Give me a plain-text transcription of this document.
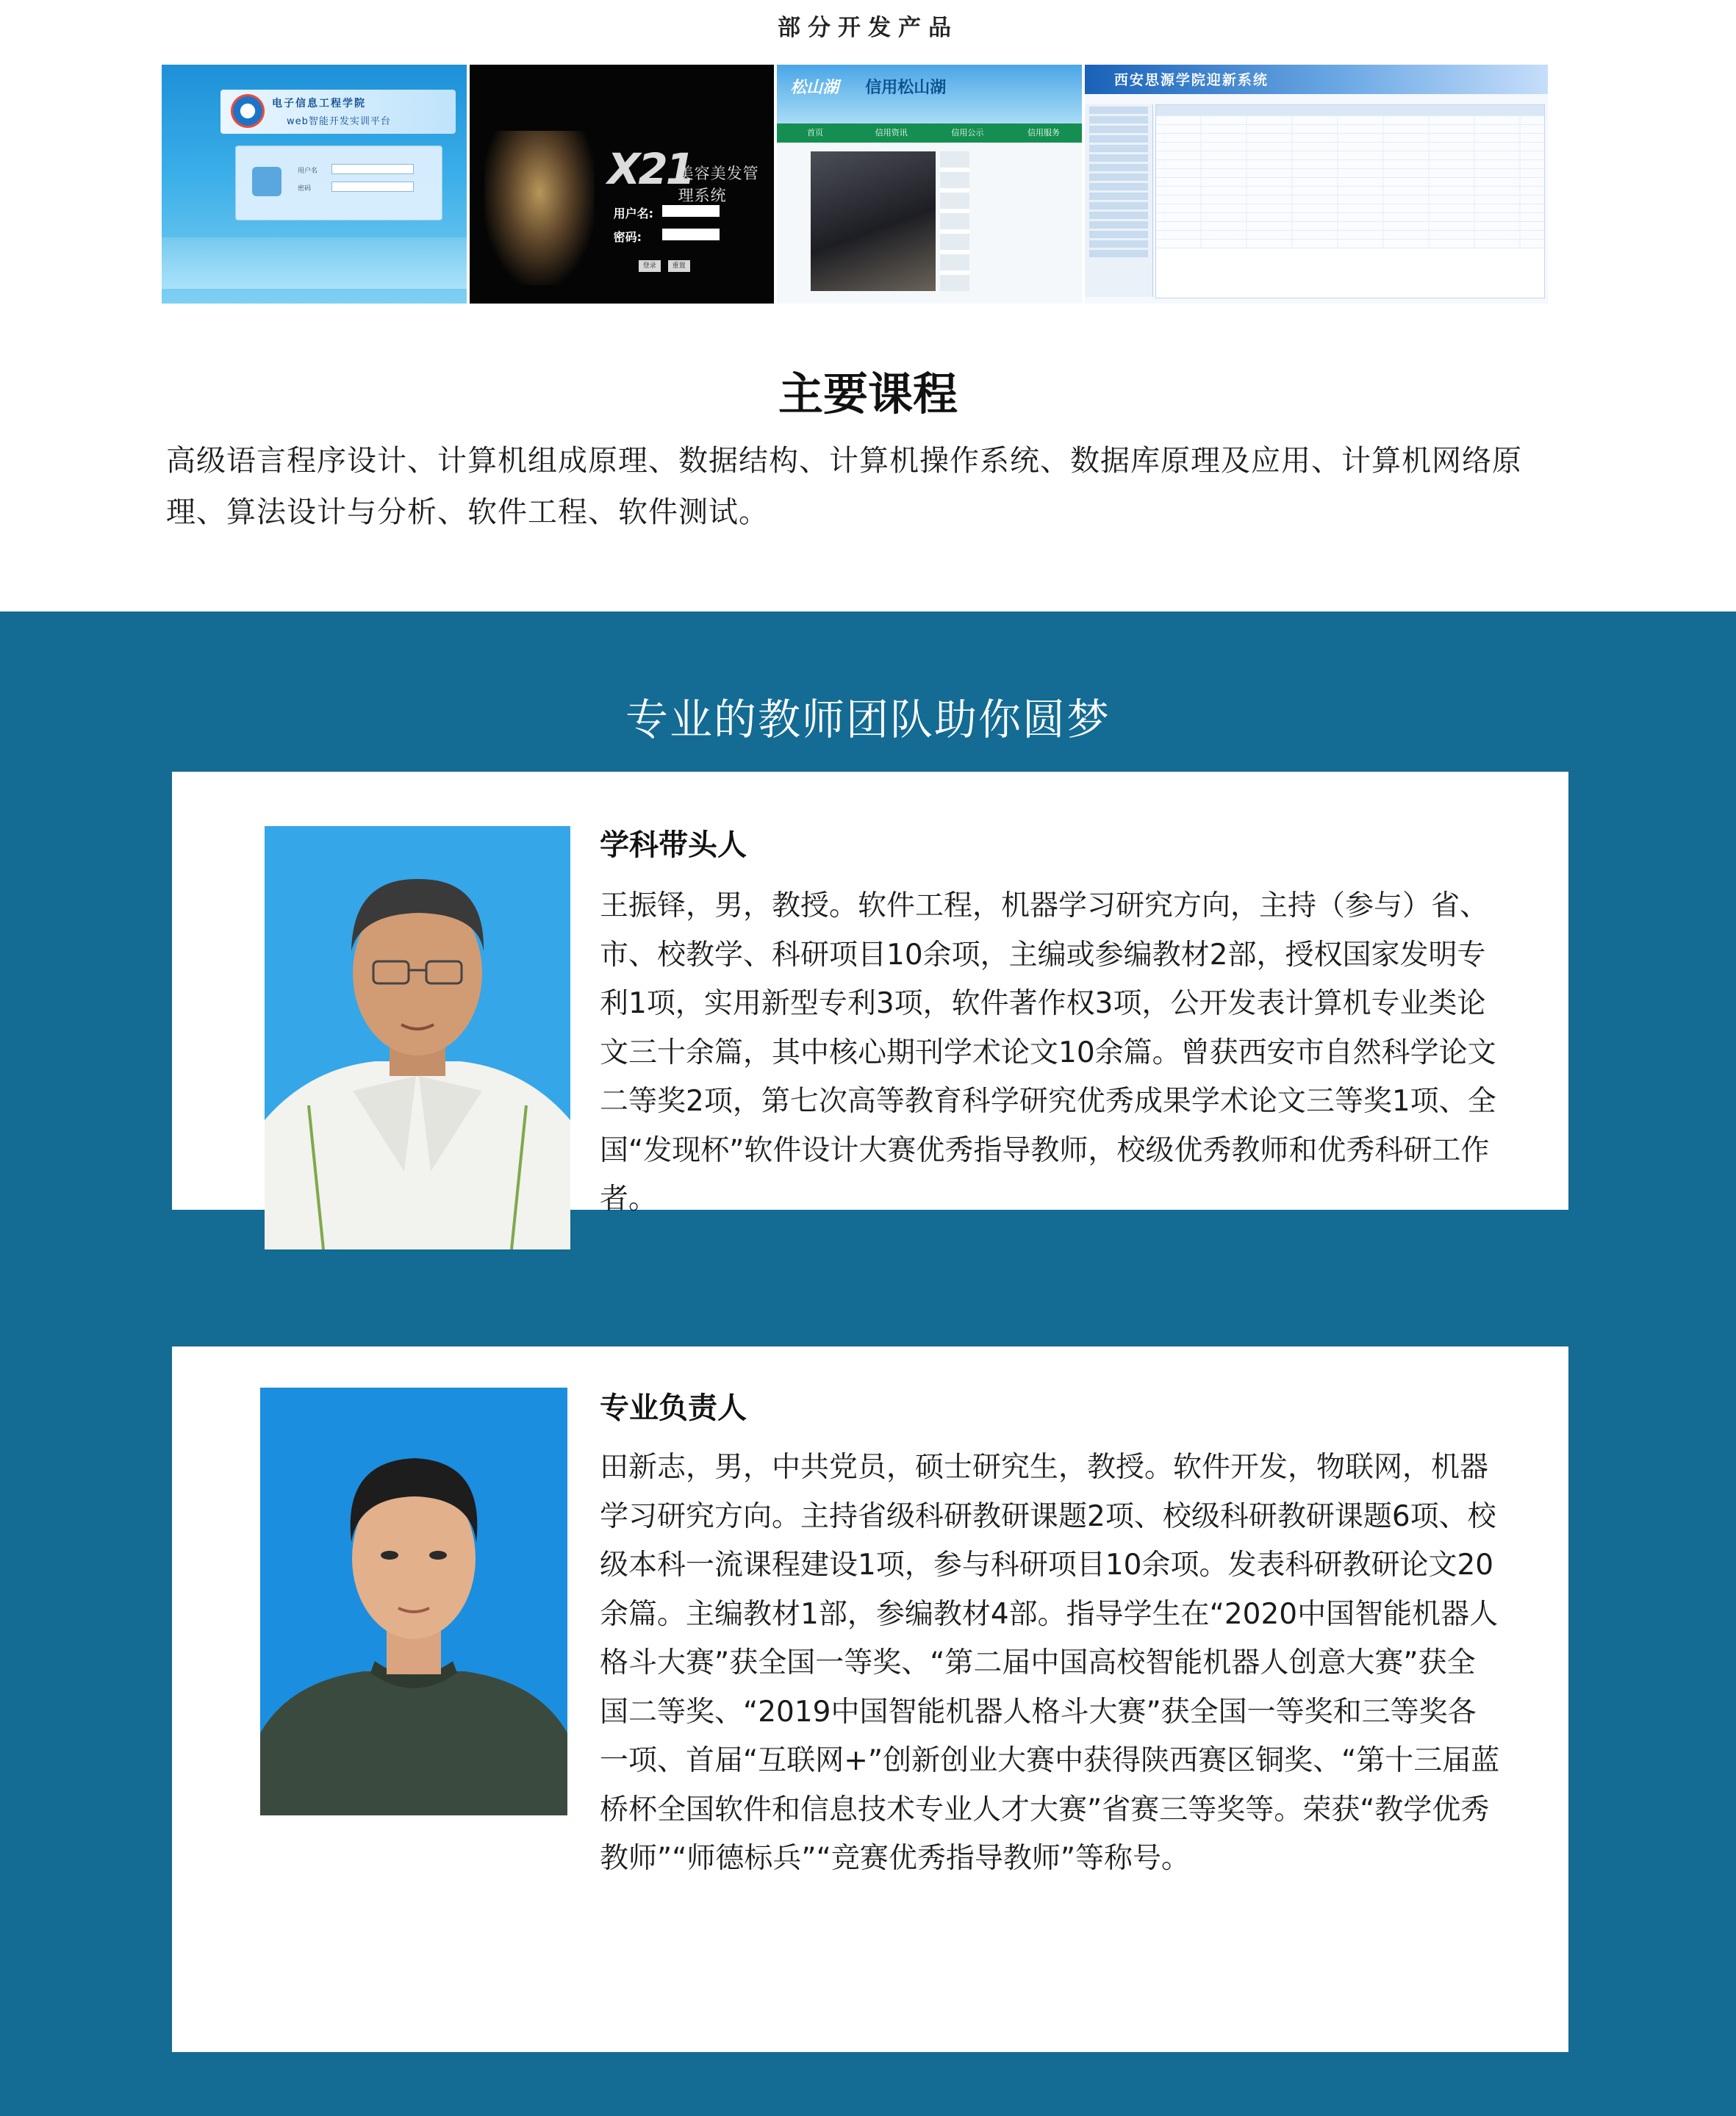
部分开发产品
电子信息工程学院
web智能开发实训平台
用户名
密码	X21
美容美发管理系统
用户名:
密码:
登录	重置
松山湖 信用松山湖
首页	信用资讯	信用公示	信用服务
西安思源学院迎新系统
主要课程
高级语言程序设计、计算机组成原理、数据结构、计算机操作系统、数据库原理及应用、计算机网络原理、算法设计与分析、软件工程、软件测试。
专业的教师团队助你圆梦
学科带头人
王振铎，男，教授。软件工程，机器学习研究方向，主持（参与）省、市、校教学、科研项目10余项，主编或参编教材2部，授权国家发明专利1项，实用新型专利3项，软件著作权3项，公开发表计算机专业类论文三十余篇，其中核心期刊学术论文10余篇。曾获西安市自然科学论文二等奖2项，第七次高等教育科学研究优秀成果学术论文三等奖1项、全国“发现杯”软件设计大赛优秀指导教师，校级优秀教师和优秀科研工作者。
专业负责人
田新志，男，中共党员，硕士研究生，教授。软件开发，物联网，机器学习研究方向。主持省级科研教研课题2项、校级科研教研课题6项、校级本科一流课程建设1项，参与科研项目10余项。发表科研教研论文20余篇。主编教材1部，参编教材4部。指导学生在“2020中国智能机器人格斗大赛”获全国一等奖、“第二届中国高校智能机器人创意大赛”获全国二等奖、“2019中国智能机器人格斗大赛”获全国一等奖和三等奖各一项、首届“互联网+”创新创业大赛中获得陕西赛区铜奖、“第十三届蓝桥杯全国软件和信息技术专业人才大赛”省赛三等奖等。荣获“教学优秀教师”“师德标兵”“竞赛优秀指导教师”等称号。
